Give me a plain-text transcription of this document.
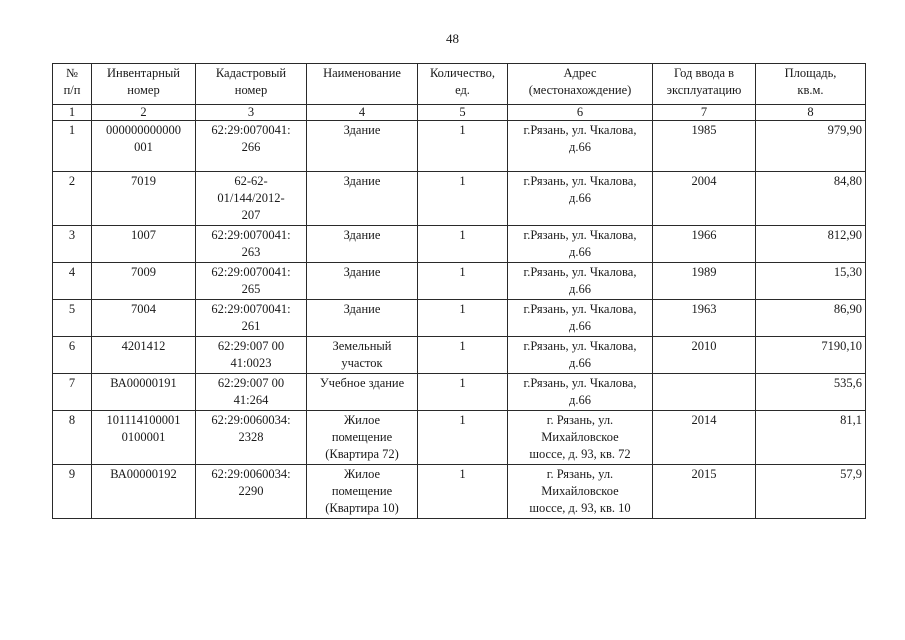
48
№
п/п	Инвентарный
номер	Кадастровый
номер	Наименование	Количество,
ед.	Адрес
(местонахождение)	Год ввода в
эксплуатацию	Площадь,
кв.м.

1	2	3	4	5	6	7	8

1	000000000000
001	62:29:0070041:
266	Здание	1	г.Рязань, ул. Чкалова,
д.66	1985	979,90

2	7019	62-62-
01/144/2012-
207	Здание	1	г.Рязань, ул. Чкалова,
д.66	2004	84,80

3	1007	62:29:0070041:
263	Здание	1	г.Рязань, ул. Чкалова,
д.66	1966	812,90

4	7009	62:29:0070041:
265	Здание	1	г.Рязань, ул. Чкалова,
д.66	1989	15,30

5	7004	62:29:0070041:
261	Здание	1	г.Рязань, ул. Чкалова,
д.66	1963	86,90

6	4201412	62:29:007 00
41:0023	Земельный
участок	1	г.Рязань, ул. Чкалова,
д.66	2010	7190,10

7	ВА00000191	62:29:007 00
41:264	Учебное здание	1	г.Рязань, ул. Чкалова,
д.66		535,6

8	101114100001
0100001	62:29:0060034:
2328	Жилое
помещение
(Квартира 72)	1	г. Рязань, ул.
Михайловское
шоссе, д. 93, кв. 72	2014	81,1

9	ВА00000192	62:29:0060034:
2290	Жилое
помещение
(Квартира 10)	1	г. Рязань, ул.
Михайловское
шоссе, д. 93, кв. 10	2015	57,9
